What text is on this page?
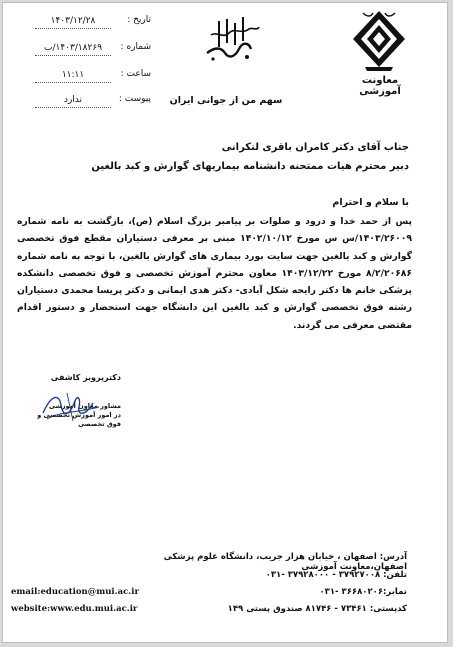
معاونت آموزشی
سهم من از جوانی ایران
تاریخ :
۱۴۰۳/۱۲/۲۸
شماره :
۱۴۰۳/۱۸۲۶۹/ب
ساعت :
۱۱:۱۱
پیوست :
ندارد
جناب آقای دکتر کامران باقری لنکرانی
دبیر محترم هیات ممتحنه دانشنامه بیماریهای گوارش و کبد بالغین
با سلام و احترام
پس از حمد خدا و درود و صلوات بر پیامبر بزرگ اسلام (ص)، بازگشت به نامه شماره ۱۴۰۳/۲۶۰۰۹/س س مورخ ۱۴۰۲/۱۰/۱۲ مبنی بر معرفی دستیاران مقطع فوق تخصصی گوارش و کبد بالغین جهت سایت بورد بیماری های گوارش بالغین، با توجه به نامه شماره ۸/۲/۲۰۶۸۶ مورخ ۱۴۰۳/۱۲/۲۲ معاون محترم آموزش تخصصی و فوق تخصصی دانشکده پزشکی خانم ها دکتر رایحه شکل آبادی- دکتر هدی ایمانی و دکتر پریسا محمدی دستیاران رشته فوق تخصصی گوارش و کبد بالغین این دانشگاه جهت استحضار و دستور اقدام مقتضی معرفی می گردند.
دکترپرویز کاشفی
مشاور معاون آموزشی
در امور آموزش تخصصی و فوق تخصصی
آدرس: اصفهان ، خیابان هزار جریب، دانشگاه علوم پزشکی اصفهان،معاونت آموزشی
تلفن: ۳۷۹۲۷۰۰۸ - ۳۷۹۲۸۰۰۰ -۰۳۱
نمابر:۳۶۶۸۰۲۰۶ -۰۳۱
کدپستی: ۷۳۴۶۱ - ۸۱۷۴۶ صندوق پستی ۱۴۹
email:education@mui.ac.ir
website:www.edu.mui.ac.ir
